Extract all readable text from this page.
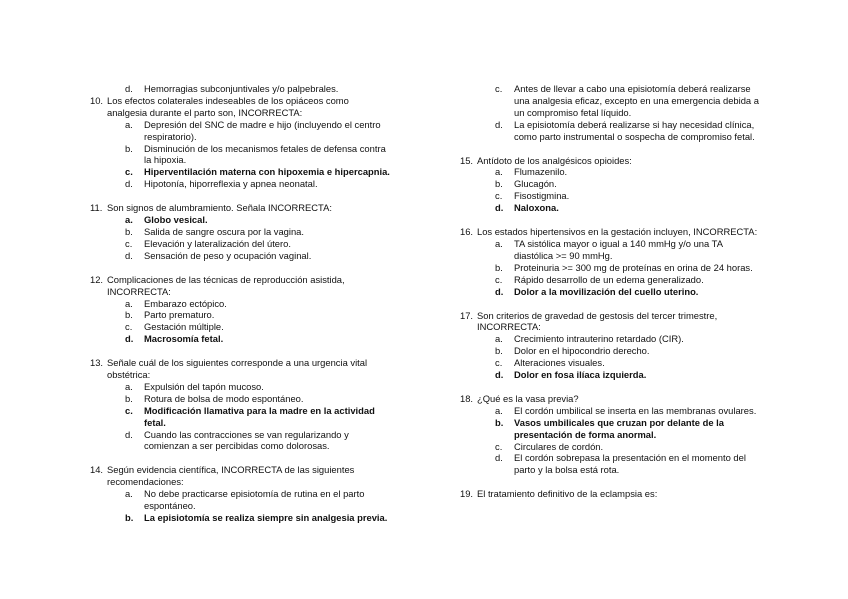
d.	Hemorragias subconjuntivales y/o palpebrales.
10. Los efectos colaterales indeseables de los opiáceos como analgesia durante el parto son, INCORRECTA:
a.	Depresión del SNC de madre e hijo (incluyendo el centro respiratorio).
b.	Disminución de los mecanismos fetales de defensa contra la hipoxia.
c.	Hiperventilación materna con hipoxemia e hipercapnia.
d.	Hipotonía, hiporreflexia y apnea neonatal.
11. Son signos de alumbramiento. Señala INCORRECTA:
a.	Globo vesical.
b.	Salida de sangre oscura por la vagina.
c.	Elevación y lateralización del útero.
d.	Sensación de peso y ocupación vaginal.
12. Complicaciones de las técnicas de reproducción asistida, INCORRECTA:
a.	Embarazo ectópico.
b.	Parto prematuro.
c.	Gestación múltiple.
d.	Macrosomía fetal.
13. Señale cuál de los siguientes corresponde a una urgencia vital obstétrica:
a.	Expulsión del tapón mucoso.
b.	Rotura de bolsa de modo espontáneo.
c.	Modificación llamativa para la madre en la actividad fetal.
d.	Cuando las contracciones se van regularizando y comienzan a ser percibidas como dolorosas.
14. Según evidencia científica, INCORRECTA de las siguientes recomendaciones:
a.	No debe practicarse episiotomía de rutina en el parto espontáneo.
b.	La episiotomía se realiza siempre sin analgesia previa.
c.	Antes de llevar a cabo una episiotomía deberá realizarse una analgesia eficaz, excepto en una emergencia debida a un compromiso fetal líquido.
d.	La episiotomía deberá realizarse si hay necesidad clínica, como parto instrumental o sospecha de compromiso fetal.
15. Antídoto de los analgésicos opioides:
a.	Flumazenilo.
b.	Glucagón.
c.	Fisostigmina.
d.	Naloxona.
16. Los estados hipertensivos en la gestación incluyen, INCORRECTA:
a.	TA sistólica mayor o igual a 140 mmHg y/o una TA diastólica >= 90 mmHg.
b.	Proteinuria >= 300 mg de proteínas en orina de 24 horas.
c.	Rápido desarrollo de un edema generalizado.
d.	Dolor a la movilización del cuello uterino.
17. Son criterios de gravedad de gestosis del tercer trimestre, INCORRECTA:
a.	Crecimiento intrauterino retardado (CIR).
b.	Dolor en el hipocondrio derecho.
c.	Alteraciones visuales.
d.	Dolor en fosa ilíaca izquierda.
18. ¿Qué es la vasa previa?
a.	El cordón umbilical se inserta en las membranas ovulares.
b.	Vasos umbilicales que cruzan por delante de la presentación de forma anormal.
c.	Circulares de cordón.
d.	El cordón sobrepasa la presentación en el momento del parto y la bolsa está rota.
19. El tratamiento definitivo de la eclampsia es:
